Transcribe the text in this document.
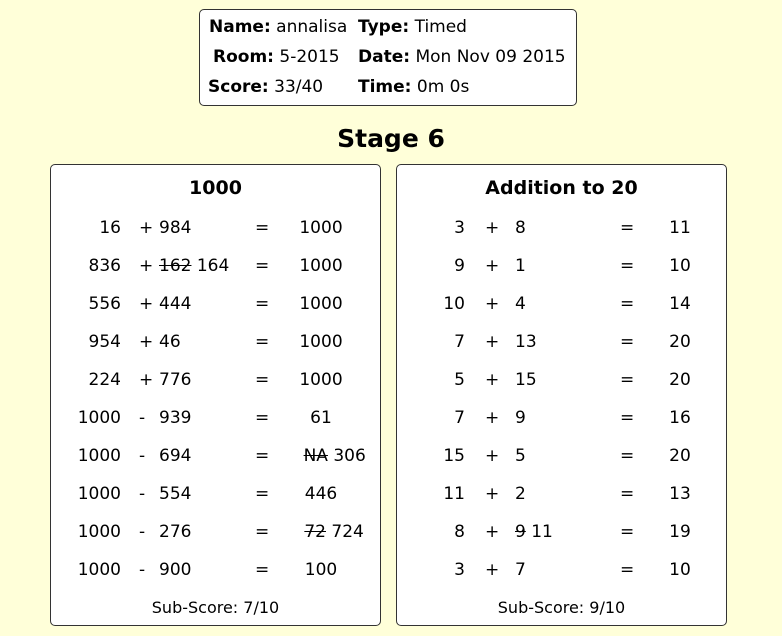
Name: annalisa Type: Timed
Room: 5-2015 Date: Mon Nov 09 2015
Score: 33/40 Time: 0m 0s
Stage 6
1000
16 + 984	= 1000
836 + 162 164 = 1000
556 + 444	= 1000
954 + 46	= 1000
224 + 776	= 1000
1000 - 939	= 61
1000 - 694	= NA 306
1000 - 554	= 446
1000 - 276	= 72 724
1000 - 900	= 100
Sub-Score: 7/10
Addition to 20
3 + 8	= 11
9 + 1	= 10
10 + 4	= 14
7 + 13	= 20
5 + 15	= 20
7 + 9	= 16
15 + 5	= 20
11 + 2	= 13
8 + 9 11	= 19
3 + 7	= 10
Sub-Score: 9/10
